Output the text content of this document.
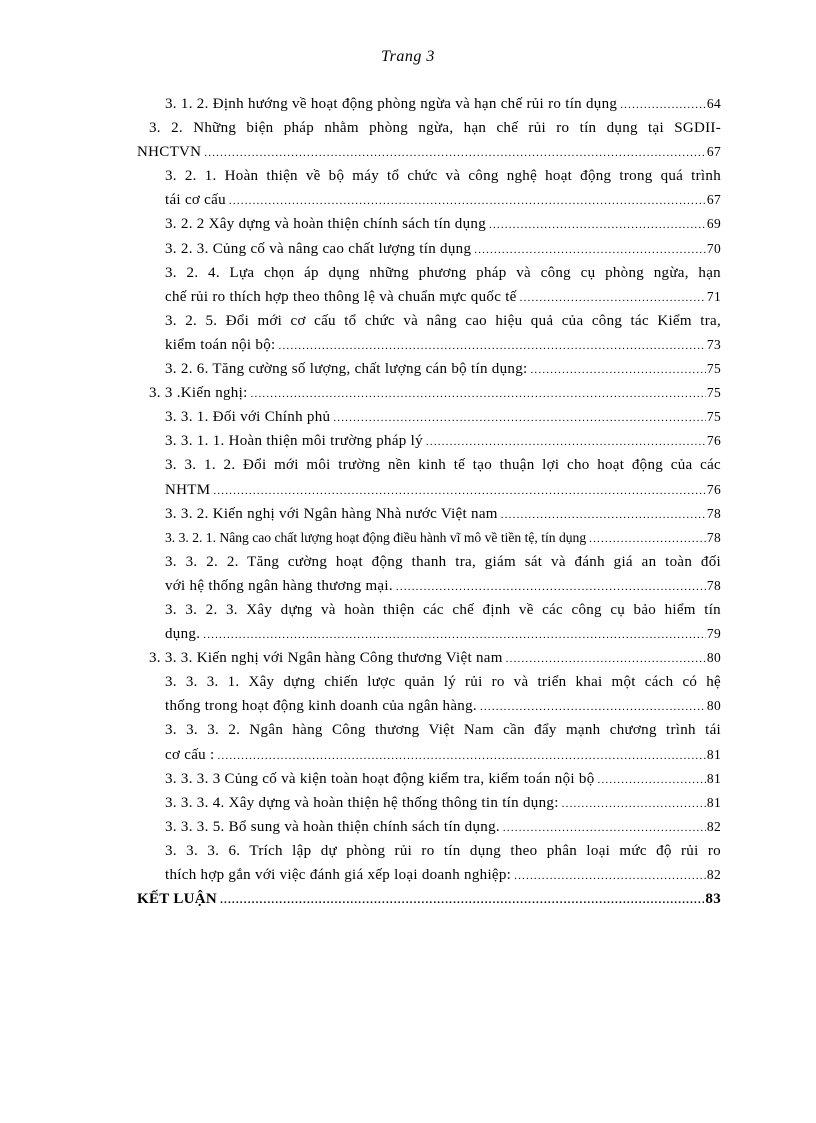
Trang 3
3. 1. 2. Định hướng về hoạt động phòng ngừa và hạn chế rủi ro tín dụng .....	64
3. 2. Những biện pháp nhằm phòng ngừa, hạn chế rủi ro tín dụng tại SGDII-
NHCTVN .....	67
3. 2. 1. Hoàn thiện về bộ máy tổ chức và công nghệ hoạt động trong quá trình
tái cơ cấu .....	67
3. 2. 2 Xây dựng và hoàn thiện chính sách tín dụng .....	69
3. 2. 3. Củng cố và nâng cao chất lượng tín dụng .....	70
3. 2. 4. Lựa chọn áp dụng những phương pháp và công cụ phòng ngừa, hạn
chế rủi ro thích hợp theo thông lệ và chuẩn mực quốc tế .....	71
3. 2. 5. Đổi mới cơ cấu tổ chức và nâng cao hiệu quả của công tác Kiểm tra,
kiểm toán nội bộ: .....	73
3. 2. 6. Tăng cường số lượng, chất lượng cán bộ tín dụng: .....	75
3. 3 .Kiến nghị: .....	75
3. 3. 1. Đối với Chính phủ .....	75
3. 3. 1. 1. Hoàn thiện môi trường pháp lý .....	76
3. 3. 1. 2. Đổi mới môi trường nền kinh tế tạo thuận lợi cho hoạt động của các
NHTM .....	76
3. 3. 2. Kiến nghị với Ngân hàng Nhà nước Việt nam .....	78
3. 3. 2. 1. Nâng cao chất lượng hoạt động điều hành vĩ mô về tiền tệ, tín dụng .....	78
3. 3. 2. 2. Tăng cường hoạt động thanh tra, giám sát và đánh giá an toàn đối
với hệ thống ngân hàng thương mại. .....	78
3. 3. 2. 3. Xây dựng và hoàn thiện các chế định về các công cụ bảo hiểm tín
dụng. .....	79
3. 3. 3. Kiến nghị với Ngân hàng Công thương Việt nam .....	80
3. 3. 3. 1. Xây dựng chiến lược quản lý rủi ro và triển khai một cách có hệ
thống trong hoạt động kinh doanh của ngân hàng. .....	80
3. 3. 3. 2. Ngân hàng Công thương Việt Nam cần đẩy mạnh chương trình tái
cơ cấu : .....	81
3. 3. 3. 3 Củng cố và kiện toàn hoạt động kiểm tra, kiểm toán nội bộ .....	81
3. 3. 3. 4. Xây dựng và hoàn thiện hệ thống thông tin tín dụng: .....	81
3. 3. 3. 5. Bổ sung và hoàn thiện chính sách tín dụng. .....	82
3. 3. 3. 6. Trích lập dự phòng rủi ro tín dụng theo phân loại mức độ rủi ro
thích hợp gắn với việc đánh giá xếp loại doanh nghiệp: .....	82
KẾT LUẬN .....	83
